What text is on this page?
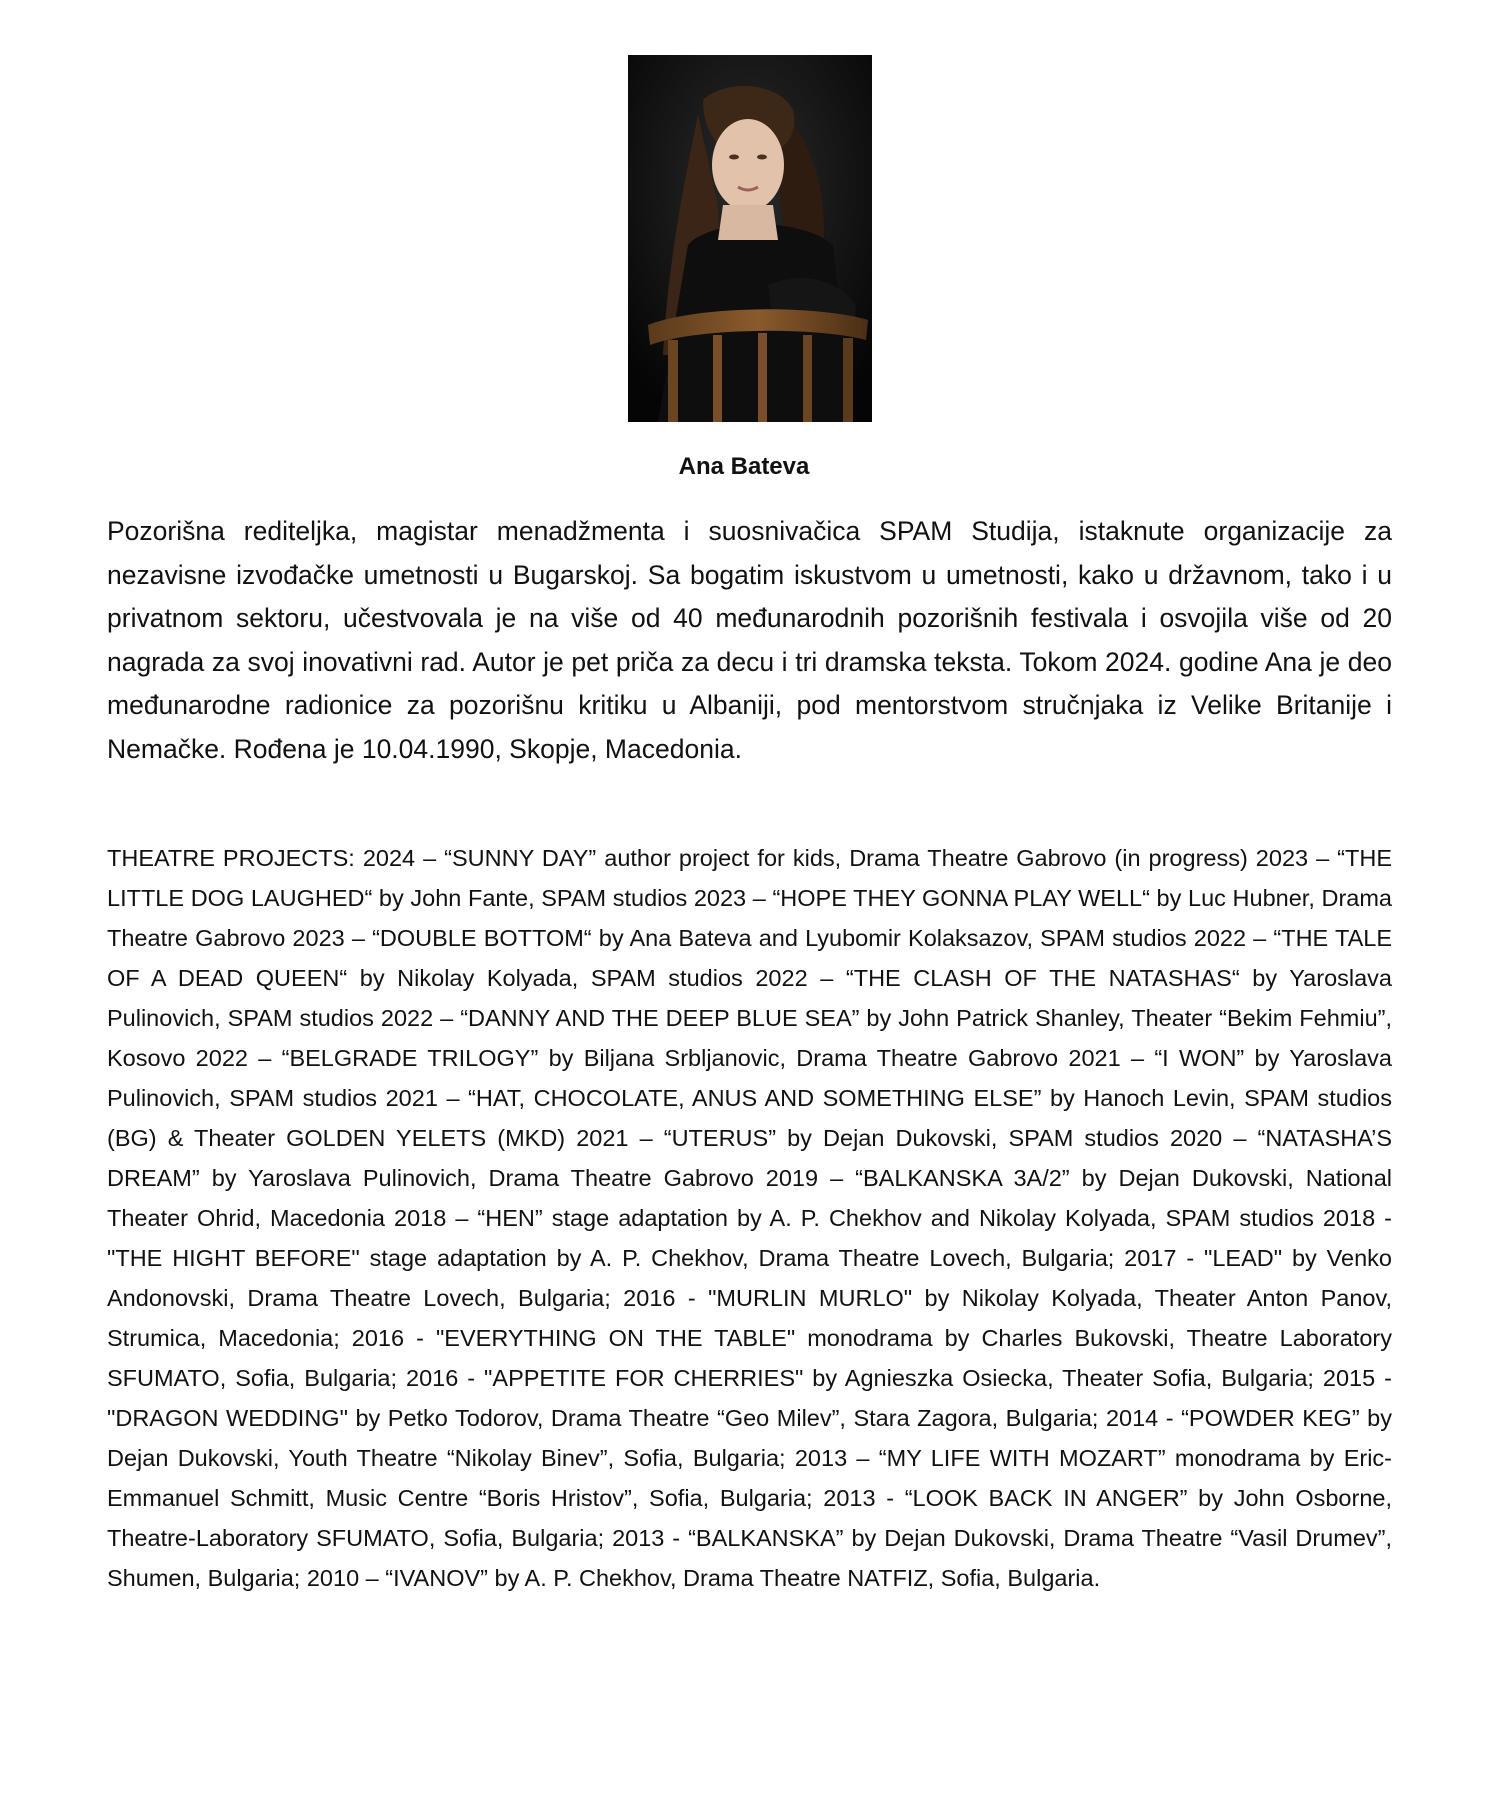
Ana Bateva

Pozorišna rediteljka, magistar menadžmenta i suosnivačica SPAM Studija, istaknute organizacije za nezavisne izvođačke umetnosti u Bugarskoj. Sa bogatim iskustvom u umetnosti, kako u državnom, tako i u privatnom sektoru, učestvovala je na više od 40 međunarodnih pozorišnih festivala i osvojila više od 20 nagrada za svoj inovativni rad. Autor je pet priča za decu i tri dramska teksta. Tokom 2024. godine Ana je deo međunarodne radionice za pozorišnu kritiku u Albaniji, pod mentorstvom stručnjaka iz Velike Britanije i Nemačke. Rođena je 10.04.1990, Skopje, Macedonia.

THEATRE PROJECTS: 2024 – “SUNNY DAY” author project for kids, Drama Theatre Gabrovo (in progress) 2023 – “THE LITTLE DOG LAUGHED“ by John Fante, SPAM studios 2023 – “HOPE THEY GONNA PLAY WELL“ by Luc Hubner, Drama Theatre Gabrovo 2023 – “DOUBLE BOTTOM“ by Ana Bateva and Lyubomir Kolaksazov, SPAM studios 2022 – “THE TALE OF A DEAD QUEEN“ by Nikolay Kolyada, SPAM studios 2022 – “THE CLASH OF THE NATASHAS“ by Yaroslava Pulinovich, SPAM studios 2022 – “DANNY AND THE DEEP BLUE SEA” by John Patrick Shanley, Theater “Bekim Fehmiu”, Kosovo 2022 – “BELGRADE TRILOGY” by Biljana Srbljanovic, Drama Theatre Gabrovo 2021 – “I WON” by Yaroslava Pulinovich, SPAM studios 2021 – “HAT, CHOCOLATE, ANUS AND SOMETHING ELSE” by Hanoch Levin, SPAM studios (BG) & Theater GOLDEN YELETS (MKD) 2021 – “UTERUS” by Dejan Dukovski, SPAM studios 2020 – “NATASHA’S DREAM” by Yaroslava Pulinovich, Drama Theatre Gabrovo 2019 – “BALKANSKA 3A/2” by Dejan Dukovski, National Theater Ohrid, Macedonia 2018 – “HEN” stage adaptation by A. P. Chekhov and Nikolay Kolyada, SPAM studios 2018 - "THE HIGHT BEFORE" stage adaptation by A. P. Chekhov, Drama Theatre Lovech, Bulgaria; 2017 - "LEAD" by Venko Andonovski, Drama Theatre Lovech, Bulgaria; 2016 - "MURLIN MURLO" by Nikolay Kolyada, Theater Anton Panov, Strumica, Macedonia; 2016 - "EVERYTHING ON THE TABLE" monodrama by Charles Bukovski, Theatre Laboratory SFUMATO, Sofia, Bulgaria; 2016 - "APPETITE FOR CHERRIES" by Agnieszka Osiecka, Theater Sofia, Bulgaria; 2015 - "DRAGON WEDDING" by Petko Todorov, Drama Theatre “Geo Milev”, Stara Zagora, Bulgaria; 2014 - “POWDER KEG” by Dejan Dukovski, Youth Theatre “Nikolay Binev”, Sofia, Bulgaria; 2013 – “MY LIFE WITH MOZART” monodrama by Eric-Emmanuel Schmitt, Music Centre “Boris Hristov”, Sofia, Bulgaria; 2013 - “LOOK BACK IN ANGER” by John Osborne, Theatre-Laboratory SFUMATO, Sofia, Bulgaria; 2013 - “BALKANSKA” by Dejan Dukovski, Drama Theatre “Vasil Drumev”, Shumen, Bulgaria; 2010 – “IVANOV” by A. P. Chekhov, Drama Theatre NATFIZ, Sofia, Bulgaria.
